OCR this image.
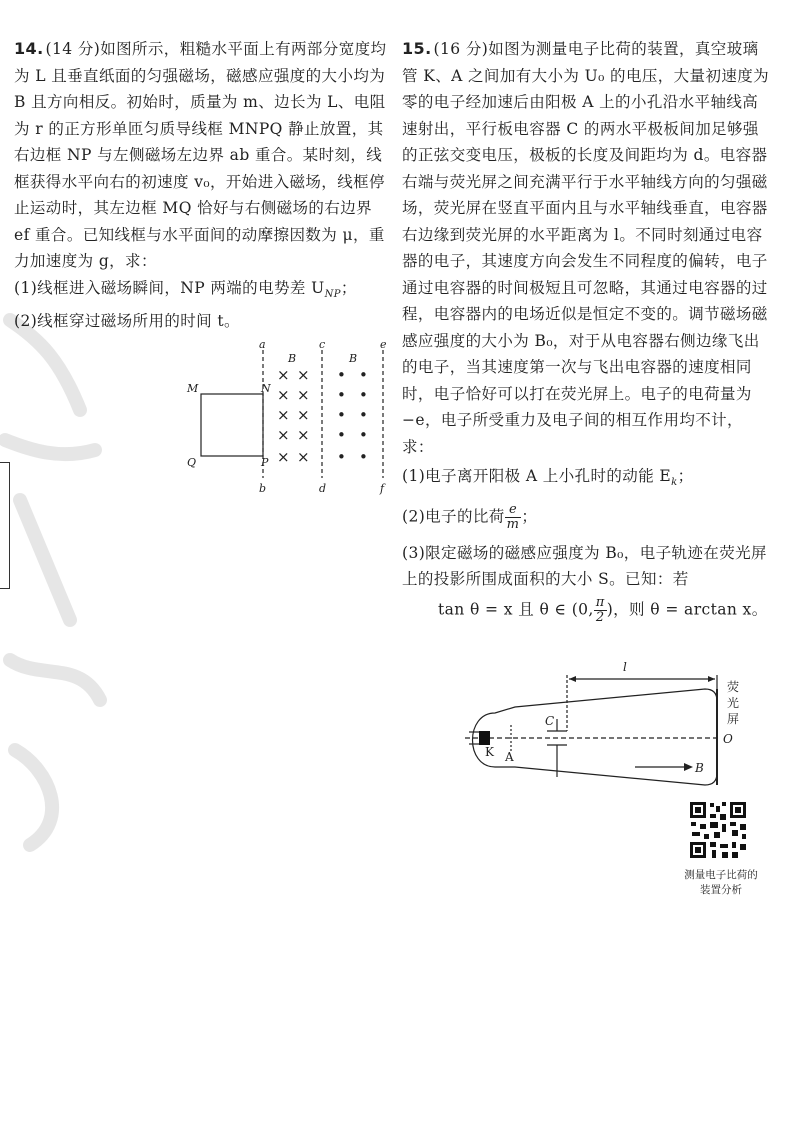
14. (14 分)如图所示，粗糙水平面上有两部分宽度均为 L 且垂直纸面的匀强磁场，磁感应强度的大小均为 B 且方向相反。初始时，质量为 m、边长为 L、电阻为 r 的正方形单匝匀质导线框 MNPQ 静止放置，其右边框 NP 与左侧磁场左边界 ab 重合。某时刻，线框获得水平向右的初速度 v₀，开始进入磁场，线框停止运动时，其左边框 MQ 恰好与右侧磁场的右边界 ef 重合。已知线框与水平面间的动摩擦因数为 μ，重力加速度为 g，求：

(1)线框进入磁场瞬间，NP 两端的电势差 $U_{NP}$；

(2)线框穿过磁场所用的时间 t。

a
B
c
B
e
M	N
Q	P
b	d	f
× × • •
× × • •
× × • •
× × • •
× × • •

15. (16 分)如图为测量电子比荷的装置，真空玻璃管 K、A 之间加有大小为 U₀ 的电压，大量初速度为零的电子经加速后由阳极 A 上的小孔沿水平轴线高速射出，平行板电容器 C 的两水平极板间加足够强的正弦交变电压，极板的长度及间距均为 d。电容器右端与荧光屏之间充满平行于水平轴线方向的匀强磁场，荧光屏在竖直平面内且与水平轴线垂直，电容器右边缘到荧光屏的水平距离为 l。不同时刻通过电容器的电子，其速度方向会发生不同程度的偏转，电子通过电容器的时间极短且可忽略，其通过电容器的过程，电容器内的电场近似是恒定不变的。调节磁场磁感应强度的大小为 B₀，对于从电容器右侧边缘飞出的电子，当其速度第一次与飞出电容器的速度相同时，电子恰好可以打在荧光屏上。电子的电荷量为 −e，电子所受重力及电子间的相互作用均不计，求：

(1)电子离开阳极 A 上小孔时的动能 $E_k$；

(2)电子的比荷 $\frac{e}{m}$ ；

(3)限定磁场的磁感应强度为 B₀，电子轨迹在荧光屏上的投影所围成面积的大小 S。已知：若

tan θ = x 且 θ ∈ (0, $\frac{\pi}{2}$ )，则 θ = arctan x。

l
荧
光
屏
O
C
K A
B
测量电子比荷的
装置分析
